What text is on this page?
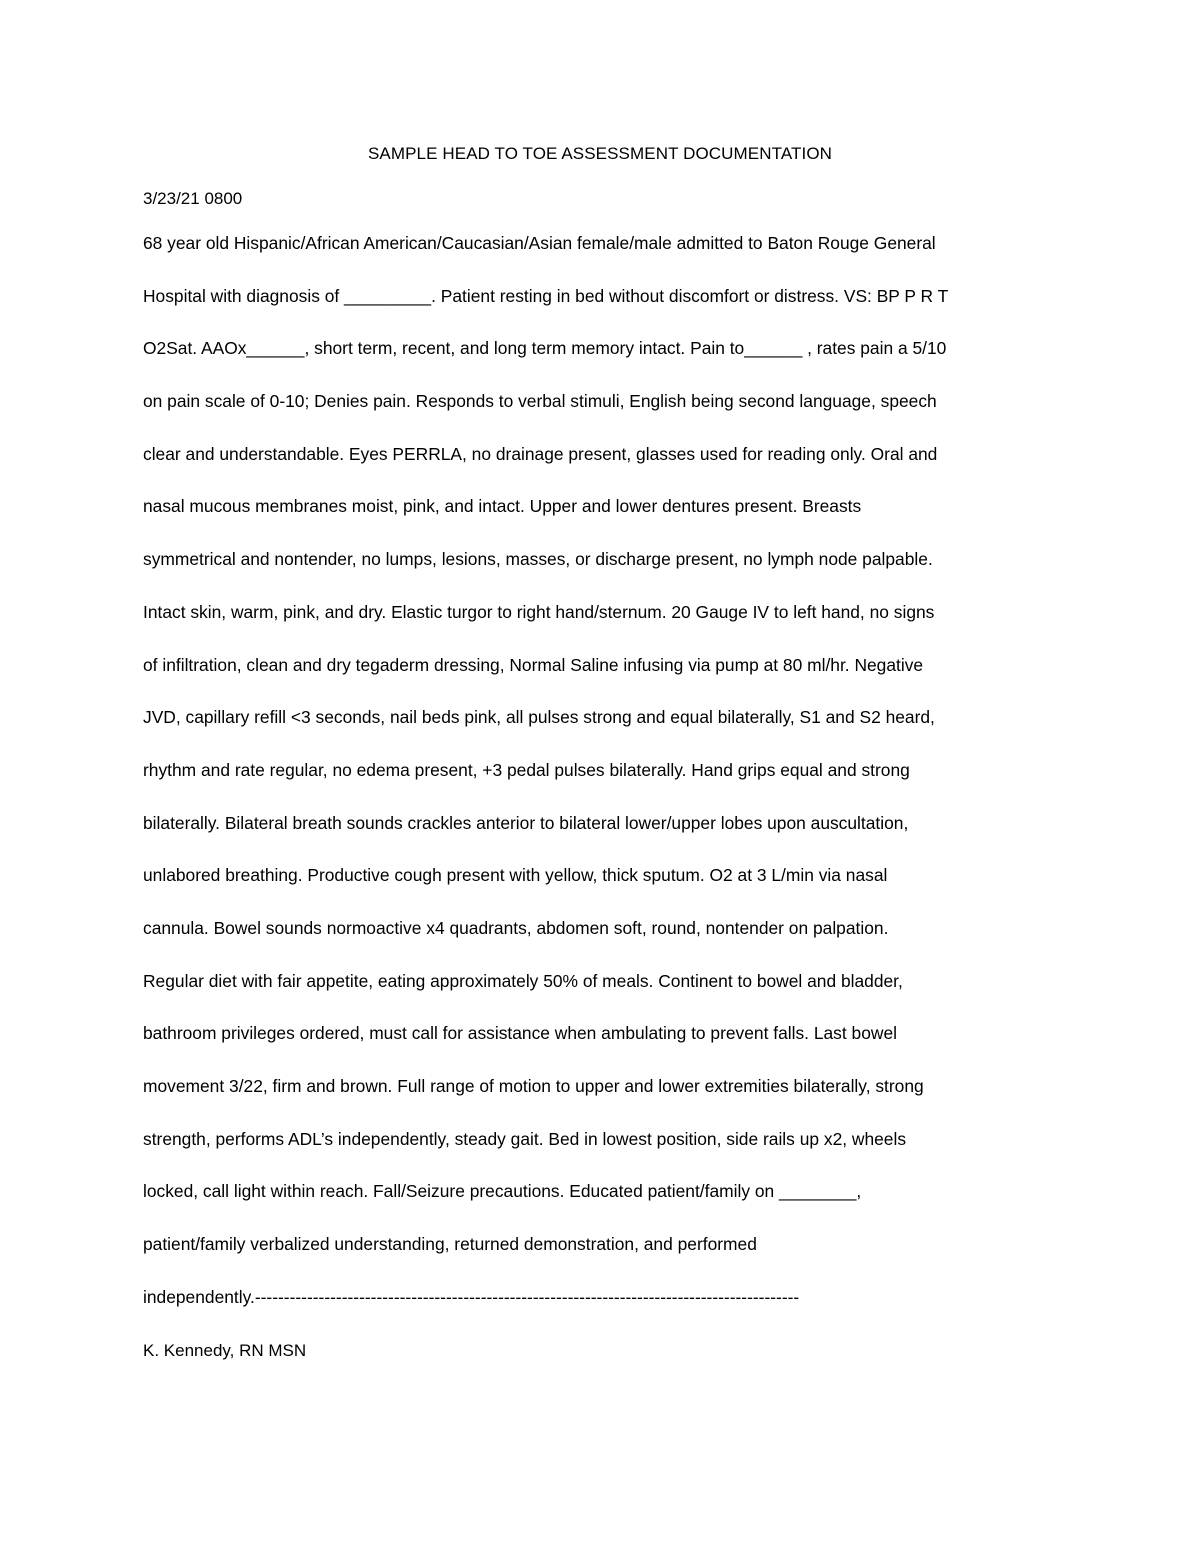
SAMPLE HEAD TO TOE ASSESSMENT DOCUMENTATION
3/23/21 0800
68 year old Hispanic/African American/Caucasian/Asian female/male admitted to Baton Rouge General
Hospital with diagnosis of _________. Patient resting in bed without discomfort or distress. VS: BP P R T
O2Sat. AAOx______, short term, recent, and long term memory intact. Pain to______ , rates pain a 5/10
on pain scale of 0-10; Denies pain. Responds to verbal stimuli, English being second language, speech
clear and understandable. Eyes PERRLA, no drainage present, glasses used for reading only. Oral and
nasal mucous membranes moist, pink, and intact. Upper and lower dentures present. Breasts
symmetrical and nontender, no lumps, lesions, masses, or discharge present, no lymph node palpable.
Intact skin, warm, pink, and dry. Elastic turgor to right hand/sternum. 20 Gauge IV to left hand, no signs
of infiltration, clean and dry tegaderm dressing, Normal Saline infusing via pump at 80 ml/hr. Negative
JVD, capillary refill <3 seconds, nail beds pink, all pulses strong and equal bilaterally, S1 and S2 heard,
rhythm and rate regular, no edema present, +3 pedal pulses bilaterally. Hand grips equal and strong
bilaterally. Bilateral breath sounds crackles anterior to bilateral lower/upper lobes upon auscultation,
unlabored breathing. Productive cough present with yellow, thick sputum. O2 at 3 L/min via nasal
cannula. Bowel sounds normoactive x4 quadrants, abdomen soft, round, nontender on palpation.
Regular diet with fair appetite, eating approximately 50% of meals. Continent to bowel and bladder,
bathroom privileges ordered, must call for assistance when ambulating to prevent falls. Last bowel
movement 3/22, firm and brown. Full range of motion to upper and lower extremities bilaterally, strong
strength, performs ADL’s independently, steady gait. Bed in lowest position, side rails up x2, wheels
locked, call light within reach. Fall/Seizure precautions. Educated patient/family on ________,
patient/family verbalized understanding, returned demonstration, and performed
independently.----------------------------------------------------------------------------------------------
K. Kennedy, RN MSN
